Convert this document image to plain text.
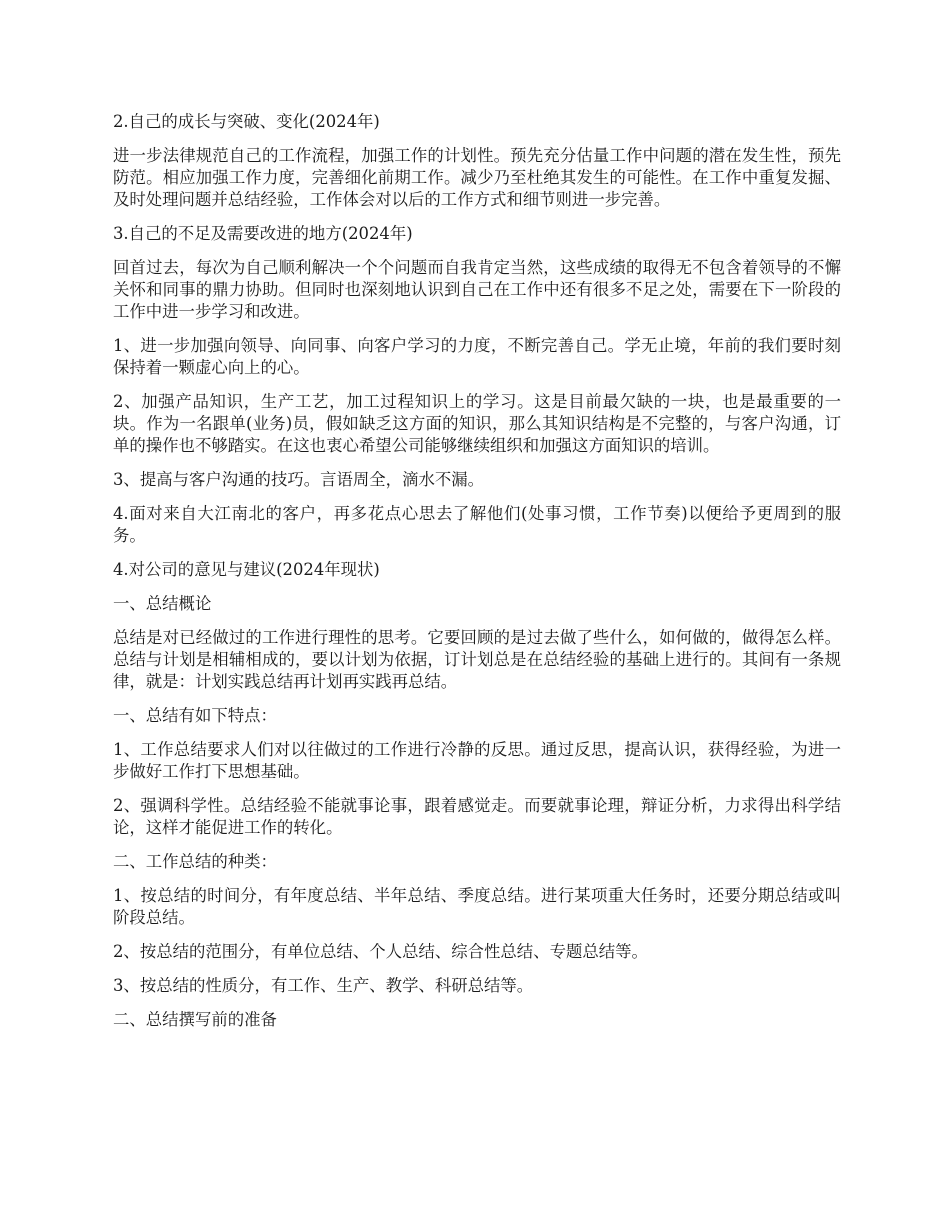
2.自己的成长与突破、变化(2024年)

进一步法律规范自己的工作流程，加强工作的计划性。预先充分估量工作中问题的潜在发生性，预先防范。相应加强工作力度，完善细化前期工作。减少乃至杜绝其发生的可能性。在工作中重复发掘、及时处理问题并总结经验，工作体会对以后的工作方式和细节则进一步完善。

3.自己的不足及需要改进的地方(2024年)

回首过去，每次为自己顺利解决一个个问题而自我肯定当然，这些成绩的取得无不包含着领导的不懈关怀和同事的鼎力协助。但同时也深刻地认识到自己在工作中还有很多不足之处，需要在下一阶段的工作中进一步学习和改进。

1、进一步加强向领导、向同事、向客户学习的力度，不断完善自己。学无止境，年前的我们要时刻保持着一颗虚心向上的心。

2、加强产品知识，生产工艺，加工过程知识上的学习。这是目前最欠缺的一块，也是最重要的一块。作为一名跟单(业务)员，假如缺乏这方面的知识，那么其知识结构是不完整的，与客户沟通，订单的操作也不够踏实。在这也衷心希望公司能够继续组织和加强这方面知识的培训。

3、提高与客户沟通的技巧。言语周全，滴水不漏。

4.面对来自大江南北的客户，再多花点心思去了解他们(处事习惯，工作节奏)以便给予更周到的服务。

4.对公司的意见与建议(2024年现状)

一、总结概论

总结是对已经做过的工作进行理性的思考。它要回顾的是过去做了些什么，如何做的，做得怎么样。总结与计划是相辅相成的，要以计划为依据，订计划总是在总结经验的基础上进行的。其间有一条规律，就是：计划实践总结再计划再实践再总结。

一、总结有如下特点：

1、工作总结要求人们对以往做过的工作进行冷静的反思。通过反思，提高认识，获得经验，为进一步做好工作打下思想基础。

2、强调科学性。总结经验不能就事论事，跟着感觉走。而要就事论理，辩证分析，力求得出科学结论，这样才能促进工作的转化。

二、工作总结的种类：

1、按总结的时间分，有年度总结、半年总结、季度总结。进行某项重大任务时，还要分期总结或叫阶段总结。

2、按总结的范围分，有单位总结、个人总结、综合性总结、专题总结等。

3、按总结的性质分，有工作、生产、教学、科研总结等。

二、总结撰写前的准备
